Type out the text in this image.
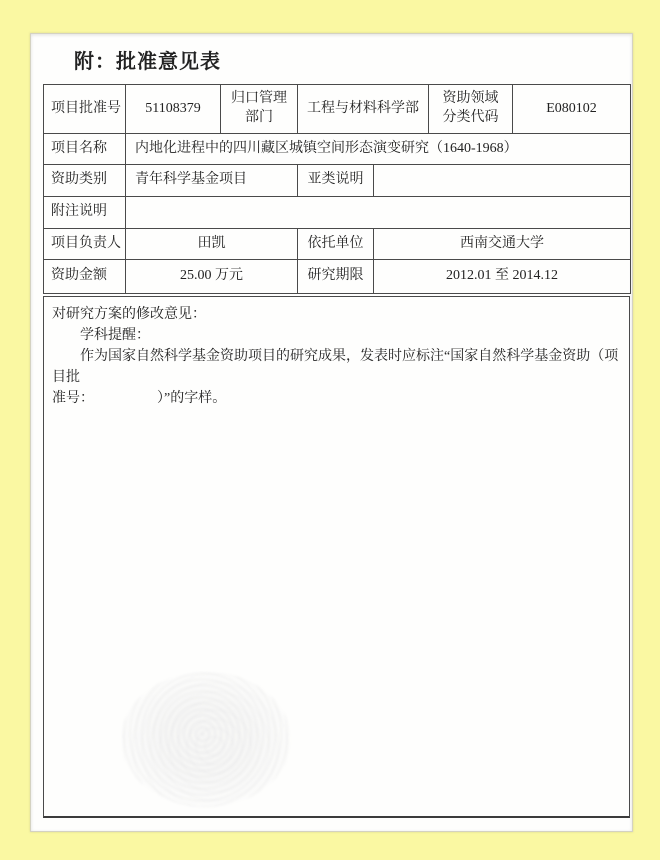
附：批准意见表
项目批准号	51108379	归口管理部门	工程与材料科学部		资助领域分类代码	E080102
项目名称	内地化进程中的四川藏区城镇空间形态演变研究（1640-1968）					
资助类别	青年科学基金项目		亚类说明			
附注说明						
项目负责人	田凯		依托单位	西南交通大学		
资助金额	25.00 万元		研究期限	2012.01 至 2014.12		
对研究方案的修改意见：
学科提醒：
作为国家自然科学基金资助项目的研究成果，发表时应标注“国家自然科学基金资助（项目批
准号：　　　　　）”的字样。
